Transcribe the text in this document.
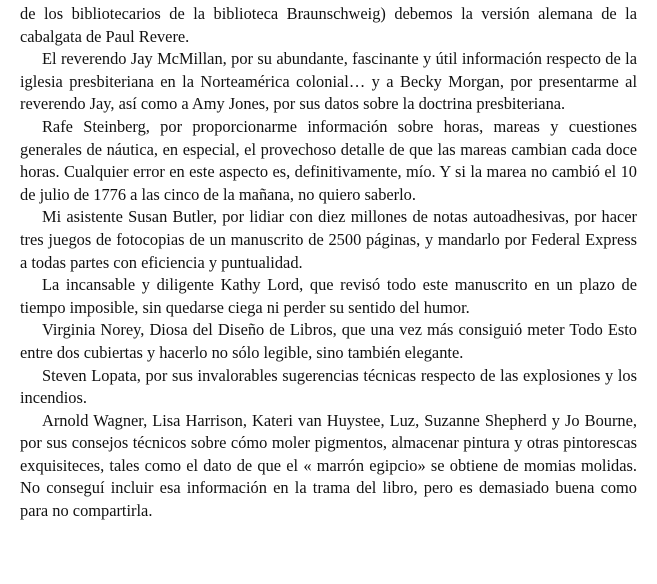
de los bibliotecarios de la biblioteca Braunschweig) debemos la versión alemana de la cabalgata de Paul Revere.

El reverendo Jay McMillan, por su abundante, fascinante y útil información respecto de la iglesia presbiteriana en la Norteamérica colonial… y a Becky Morgan, por presentarme al reverendo Jay, así como a Amy Jones, por sus datos sobre la doctrina presbiteriana.

Rafe Steinberg, por proporcionarme información sobre horas, mareas y cuestiones generales de náutica, en especial, el provechoso detalle de que las mareas cambian cada doce horas. Cualquier error en este aspecto es, definitivamente, mío. Y si la marea no cambió el 10 de julio de 1776 a las cinco de la mañana, no quiero saberlo.

Mi asistente Susan Butler, por lidiar con diez millones de notas autoadhesivas, por hacer tres juegos de fotocopias de un manuscrito de 2500 páginas, y mandarlo por Federal Express a todas partes con eficiencia y puntualidad.

La incansable y diligente Kathy Lord, que revisó todo este manuscrito en un plazo de tiempo imposible, sin quedarse ciega ni perder su sentido del humor.

Virginia Norey, Diosa del Diseño de Libros, que una vez más consiguió meter Todo Esto entre dos cubiertas y hacerlo no sólo legible, sino también elegante.

Steven Lopata, por sus invalorables sugerencias técnicas respecto de las explosiones y los incendios.

Arnold Wagner, Lisa Harrison, Kateri van Huystee, Luz, Suzanne Shepherd y Jo Bourne, por sus consejos técnicos sobre cómo moler pigmentos, almacenar pintura y otras pintorescas exquisiteces, tales como el dato de que el « marrón egipcio» se obtiene de momias molidas. No conseguí incluir esa información en la trama del libro, pero es demasiado buena como para no compartirla.
